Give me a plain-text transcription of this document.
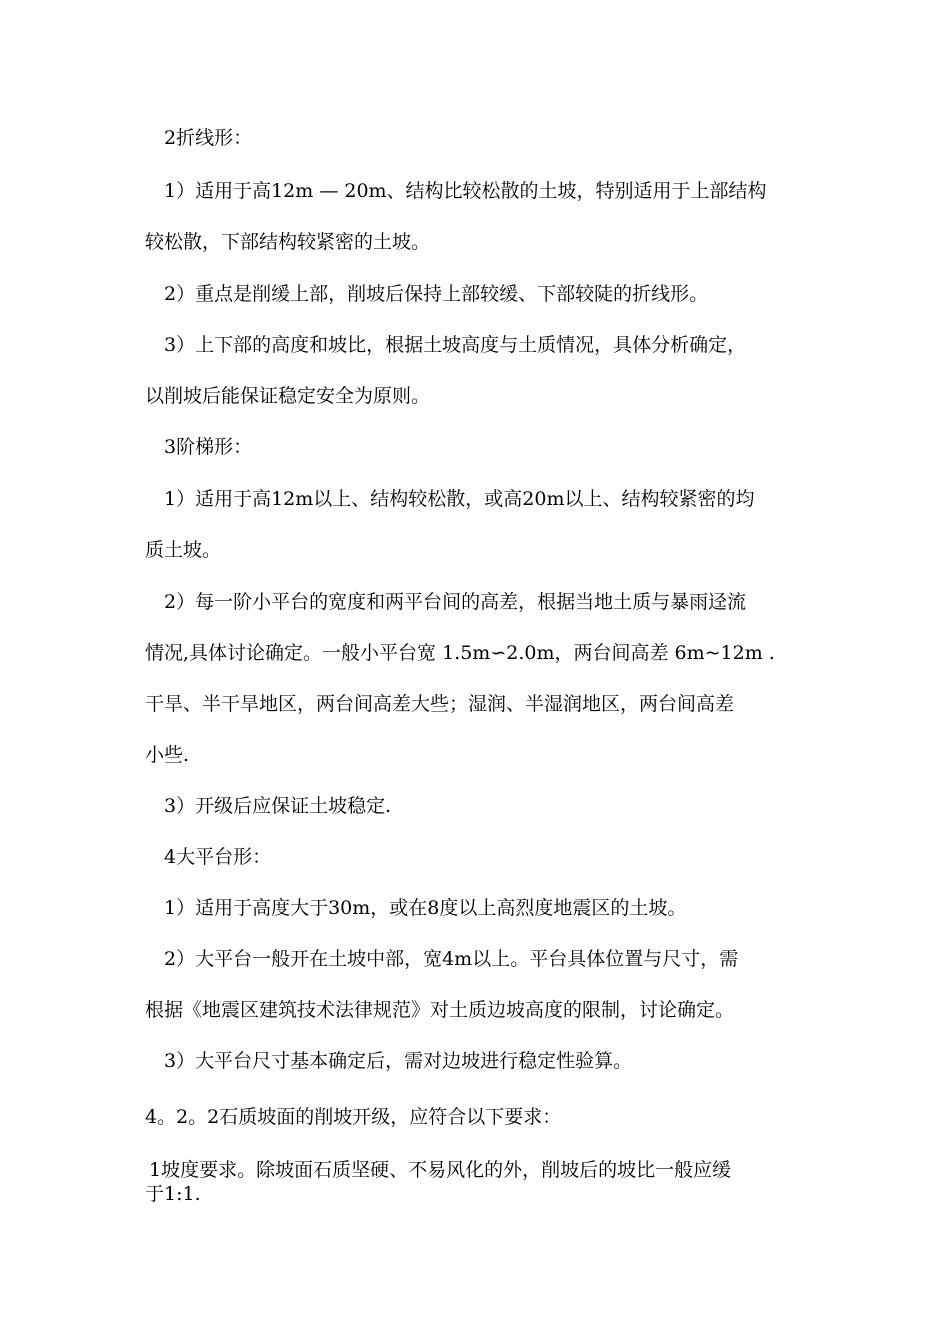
2折线形：
1）适用于高12m — 20m、结构比较松散的土坡，特别适用于上部结构
较松散，下部结构较紧密的土坡。
2）重点是削缓上部，削坡后保持上部较缓、下部较陡的折线形。
3）上下部的高度和坡比，根据土坡高度与土质情况，具体分析确定，
以削坡后能保证稳定安全为原则。
3阶梯形：
1）适用于高12m以上、结构较松散，或高20m以上、结构较紧密的均
质土坡。
2）每一阶小平台的宽度和两平台间的高差，根据当地土质与暴雨迳流
情况,具体讨论确定。一般小平台宽 1.5m∽2.0m，两台间高差 6m~12m .
干旱、半干旱地区，两台间高差大些；湿润、半湿润地区，两台间高差
小些.
3）开级后应保证土坡稳定.
4大平台形：
1）适用于高度大于30m，或在8度以上高烈度地震区的土坡。
2）大平台一般开在土坡中部，宽4m以上。平台具体位置与尺寸，需
根据《地震区建筑技术法律规范》对土质边坡高度的限制，讨论确定。
3）大平台尺寸基本确定后，需对边坡进行稳定性验算。
4。2。2石质坡面的削坡开级，应符合以下要求：
1坡度要求。除坡面石质坚硬、不易风化的外，削坡后的坡比一般应缓
于1:1.
